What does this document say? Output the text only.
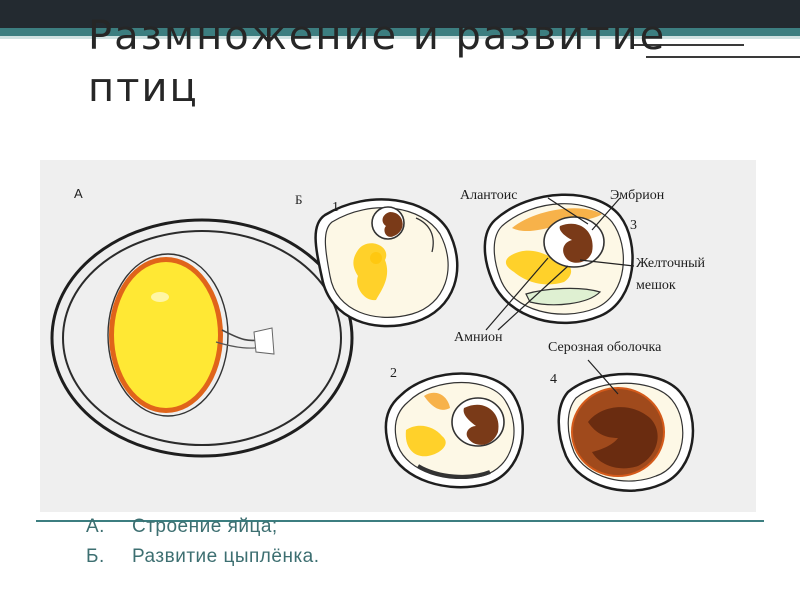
Размножение и развитие птиц
А	Б
1
2
3
4
Алантоис	Эмбрион
Желточный
мешок
Амнион
Серозная оболочка
А. Строение яйца;
Б. Развитие цыплёнка.
